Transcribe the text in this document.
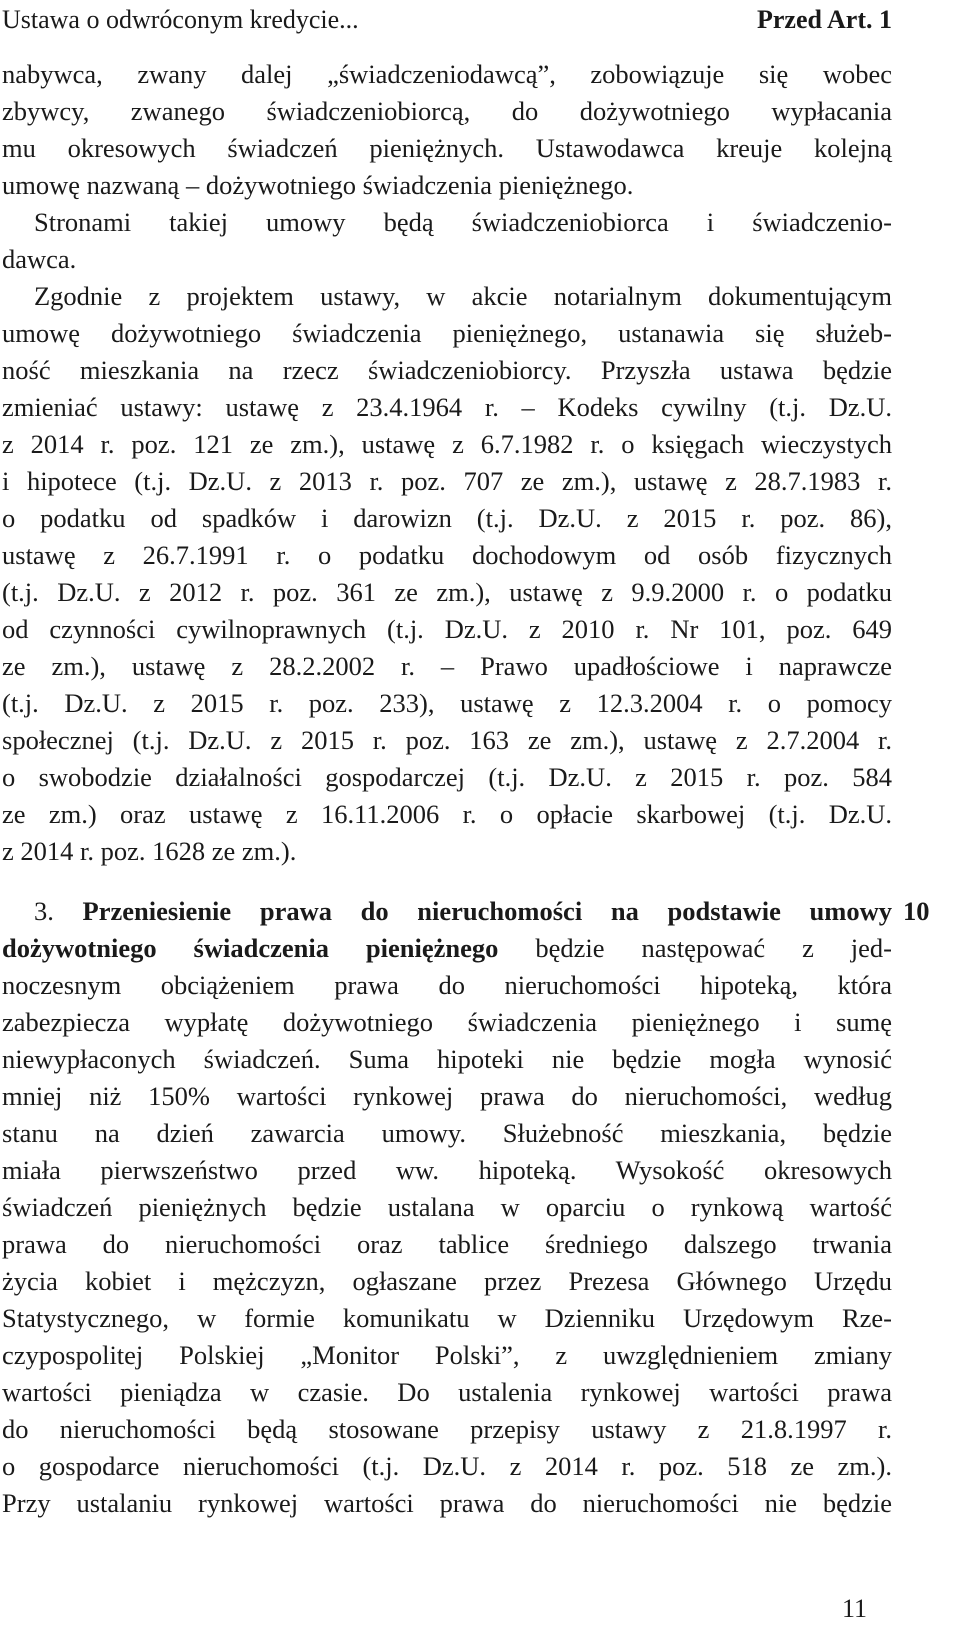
Ustawa o odwróconym kredycie...	Przed Art. 1
nabywca, zwany dalej „świadczeniodawcą”, zobowiązuje się wobec
zbywcy, zwanego świadczeniobiorcą, do dożywotniego wypłacania
mu okresowych świadczeń pieniężnych. Ustawodawca kreuje kolejną
umowę nazwaną – dożywotniego świadczenia pieniężnego.
Stronami takiej umowy będą świadczeniobiorca i świadczenio-
dawca.
Zgodnie z projektem ustawy, w akcie notarialnym dokumentującym
umowę dożywotniego świadczenia pieniężnego, ustanawia się służeb-
ność mieszkania na rzecz świadczeniobiorcy. Przyszła ustawa będzie
zmieniać ustawy: ustawę z 23.4.1964 r. – Kodeks cywilny (t.j. Dz.U.
z 2014 r. poz. 121 ze zm.), ustawę z 6.7.1982 r. o księgach wieczystych
i hipotece (t.j. Dz.U. z 2013 r. poz. 707 ze zm.), ustawę z 28.7.1983 r.
o podatku od spadków i darowizn (t.j. Dz.U. z 2015 r. poz. 86),
ustawę z 26.7.1991 r. o podatku dochodowym od osób fizycznych
(t.j. Dz.U. z 2012 r. poz. 361 ze zm.), ustawę z 9.9.2000 r. o podatku
od czynności cywilnoprawnych (t.j. Dz.U. z 2010 r. Nr 101, poz. 649
ze zm.), ustawę z 28.2.2002 r. – Prawo upadłościowe i naprawcze
(t.j. Dz.U. z 2015 r. poz. 233), ustawę z 12.3.2004 r. o pomocy
społecznej (t.j. Dz.U. z 2015 r. poz. 163 ze zm.), ustawę z 2.7.2004 r.
o swobodzie działalności gospodarczej (t.j. Dz.U. z 2015 r. poz. 584
ze zm.) oraz ustawę z 16.11.2006 r. o opłacie skarbowej (t.j. Dz.U.
z 2014 r. poz. 1628 ze zm.).
3. Przeniesienie prawa do nieruchomości na podstawie umowy
dożywotniego świadczenia pieniężnego będzie następować z jed-
noczesnym obciążeniem prawa do nieruchomości hipoteką, która
zabezpiecza wypłatę dożywotniego świadczenia pieniężnego i sumę
niewypłaconych świadczeń. Suma hipoteki nie będzie mogła wynosić
mniej niż 150% wartości rynkowej prawa do nieruchomości, według
stanu na dzień zawarcia umowy. Służebność mieszkania, będzie
miała pierwszeństwo przed ww. hipoteką. Wysokość okresowych
świadczeń pieniężnych będzie ustalana w oparciu o rynkową wartość
prawa do nieruchomości oraz tablice średniego dalszego trwania
życia kobiet i mężczyzn, ogłaszane przez Prezesa Głównego Urzędu
Statystycznego, w formie komunikatu w Dzienniku Urzędowym Rze-
czypospolitej Polskiej „Monitor Polski”, z uwzględnieniem zmiany
wartości pieniądza w czasie. Do ustalenia rynkowej wartości prawa
do nieruchomości będą stosowane przepisy ustawy z 21.8.1997 r.
o gospodarce nieruchomości (t.j. Dz.U. z 2014 r. poz. 518 ze zm.).
Przy ustalaniu rynkowej wartości prawa do nieruchomości nie będzie
10
11
